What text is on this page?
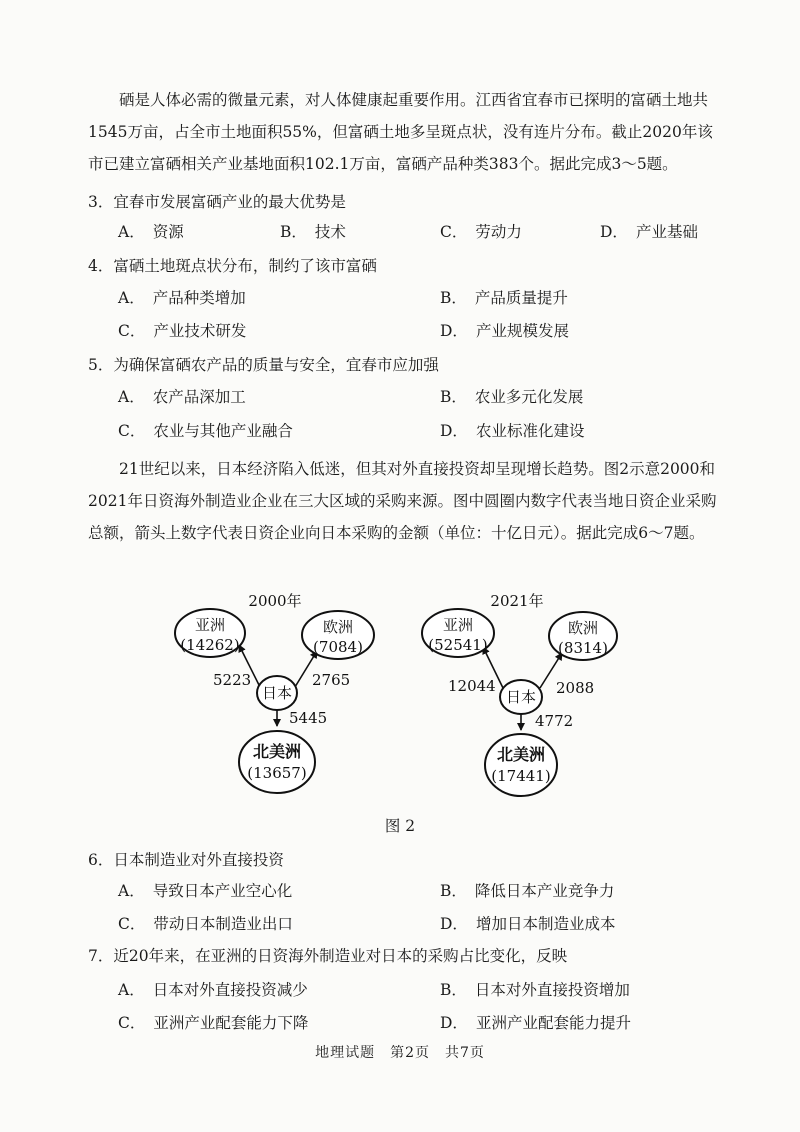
硒是人体必需的微量元素，对人体健康起重要作用。江西省宜春市已探明的富硒土地共1545万亩，占全市土地面积55%，但富硒土地多呈斑点状，没有连片分布。截止2020年该市已建立富硒相关产业基地面积102.1万亩，富硒产品种类383个。据此完成3～5题。

3．宜春市发展富硒产业的最大优势是
A． 资源	B． 技术	C． 劳动力	D． 产业基础
4．富硒土地斑点状分布，制约了该市富硒
A． 产品种类增加	B． 产品质量提升
C． 产业技术研发	D． 产业规模发展
5．为确保富硒农产品的质量与安全，宜春市应加强
A． 农产品深加工	B． 农业多元化发展
C． 农业与其他产业融合	D． 农业标准化建设

21世纪以来，日本经济陷入低迷，但其对外直接投资却呈现增长趋势。图2示意2000和2021年日资海外制造业企业在三大区域的采购来源。图中圆圈内数字代表当地日资企业采购总额，箭头上数字代表日资企业向日本采购的金额（单位：十亿日元）。据此完成6～7题。

2000年
亚洲
(14262)
欧洲
(7084)
日本
北美洲
(13657)
5223	2765
5445
2021年
亚洲
(52541)
欧洲
(8314)
日本
北美洲
(17441)
12044	2088
4772
图 2
6．日本制造业对外直接投资
A． 导致日本产业空心化	B． 降低日本产业竞争力
C． 带动日本制造业出口	D． 增加日本制造业成本
7．近20年来，在亚洲的日资海外制造业对日本的采购占比变化，反映
A． 日本对外直接投资减少	B． 日本对外直接投资增加
C． 亚洲产业配套能力下降	D． 亚洲产业配套能力提升
地理试题　第2页　共7页
